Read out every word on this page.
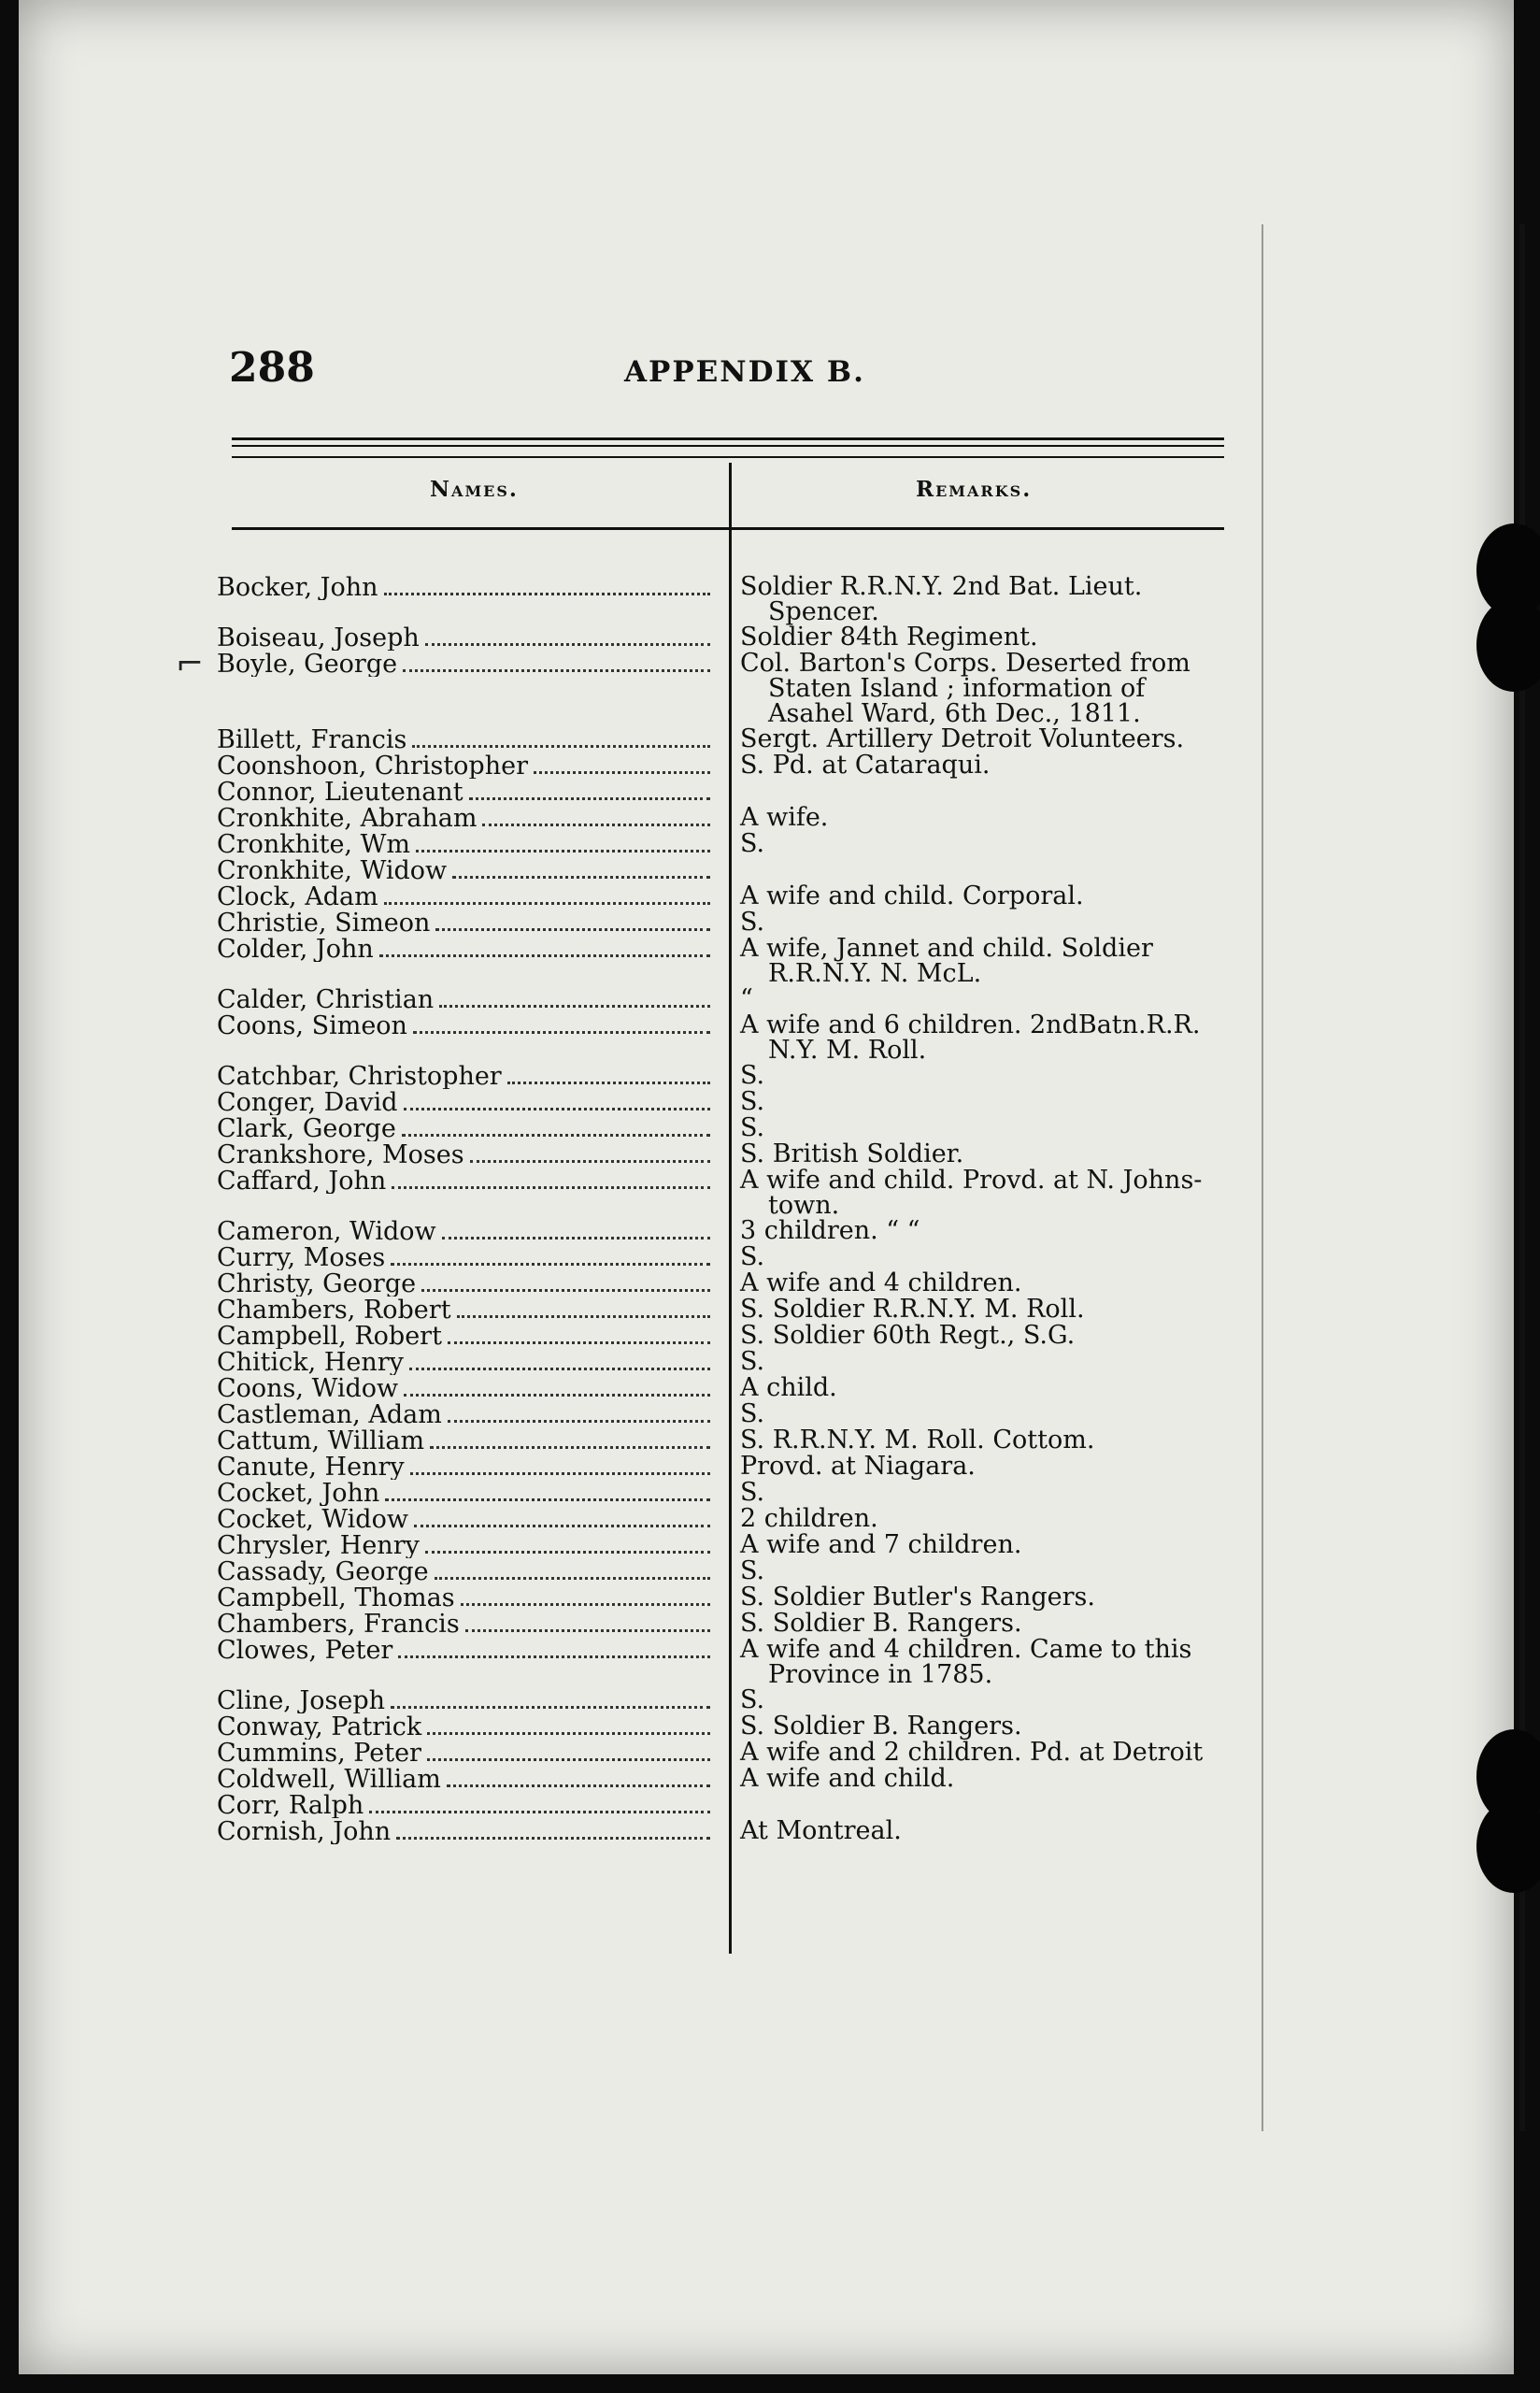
288	APPENDIX B.
Names.	Remarks.
⌐
Bocker, John	Soldier R.R.N.Y. 2nd Bat. Lieut.
Spencer.
Boiseau, Joseph	Soldier 84th Regiment.
Boyle, George	Col. Barton's Corps. Deserted from
Staten Island ; information of
Asahel Ward, 6th Dec., 1811.
Billett, Francis	Sergt. Artillery Detroit Volunteers.
Coonshoon, Christopher	S. Pd. at Cataraqui.
Connor, Lieutenant

Cronkhite, Abraham	A wife.
Cronkhite, Wm	S.
Cronkhite, Widow

Clock, Adam	A wife and child. Corporal.
Christie, Simeon	S.
Colder, John	A wife, Jannet and child. Soldier
R.R.N.Y. N. McL.
Calder, Christian	“
Coons, Simeon	A wife and 6 children. 2ndBatn.R.R.
N.Y. M. Roll.
Catchbar, Christopher	S.
Conger, David	S.
Clark, George	S.
Crankshore, Moses	S. British Soldier.
Caffard, John	A wife and child. Provd. at N. Johns-
town.
Cameron, Widow	3 children. “ “
Curry, Moses	S.
Christy, George	A wife and 4 children.
Chambers, Robert	S. Soldier R.R.N.Y. M. Roll.
Campbell, Robert	S. Soldier 60th Regt., S.G.
Chitick, Henry	S.
Coons, Widow	A child.
Castleman, Adam	S.
Cattum, William	S. R.R.N.Y. M. Roll. Cottom.
Canute, Henry	Provd. at Niagara.
Cocket, John	S.
Cocket, Widow	2 children.
Chrysler, Henry	A wife and 7 children.
Cassady, George	S.
Campbell, Thomas	S. Soldier Butler's Rangers.
Chambers, Francis	S. Soldier B. Rangers.
Clowes, Peter	A wife and 4 children. Came to this
Province in 1785.
Cline, Joseph	S.
Conway, Patrick	S. Soldier B. Rangers.
Cummins, Peter	A wife and 2 children. Pd. at Detroit
Coldwell, William	A wife and child.
Corr, Ralph

Cornish, John	At Montreal.
